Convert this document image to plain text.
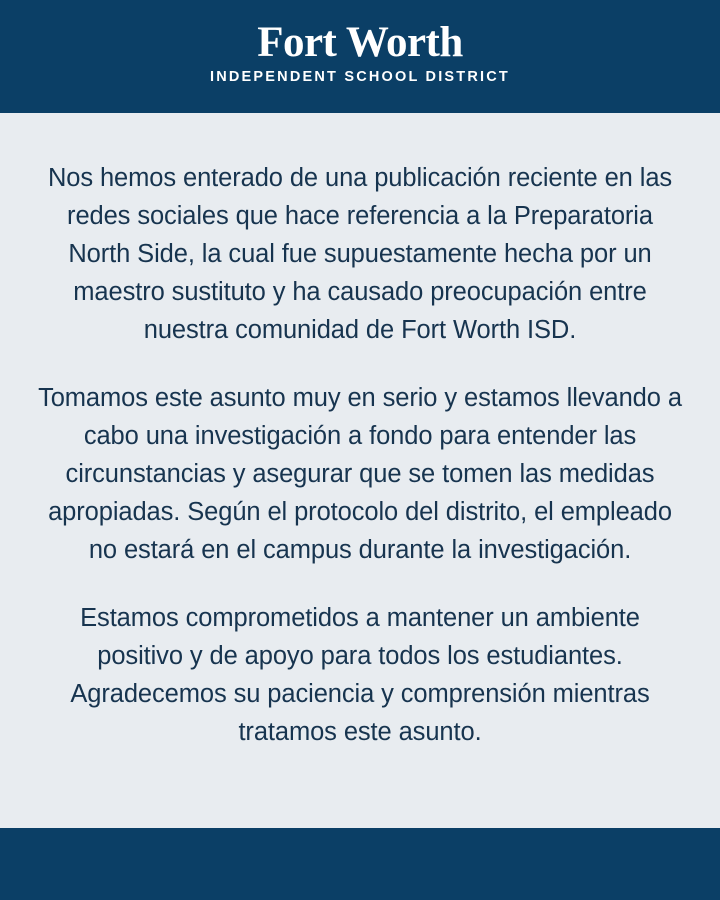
Fort Worth
INDEPENDENT SCHOOL DISTRICT

Nos hemos enterado de una publicación reciente en las redes sociales que hace referencia a la Preparatoria North Side, la cual fue supuestamente hecha por un maestro sustituto y ha causado preocupación entre nuestra comunidad de Fort Worth ISD.

Tomamos este asunto muy en serio y estamos llevando a cabo una investigación a fondo para entender las circunstancias y asegurar que se tomen las medidas apropiadas. Según el protocolo del distrito, el empleado no estará en el campus durante la investigación.

Estamos comprometidos a mantener un ambiente positivo y de apoyo para todos los estudiantes. Agradecemos su paciencia y comprensión mientras tratamos este asunto.
